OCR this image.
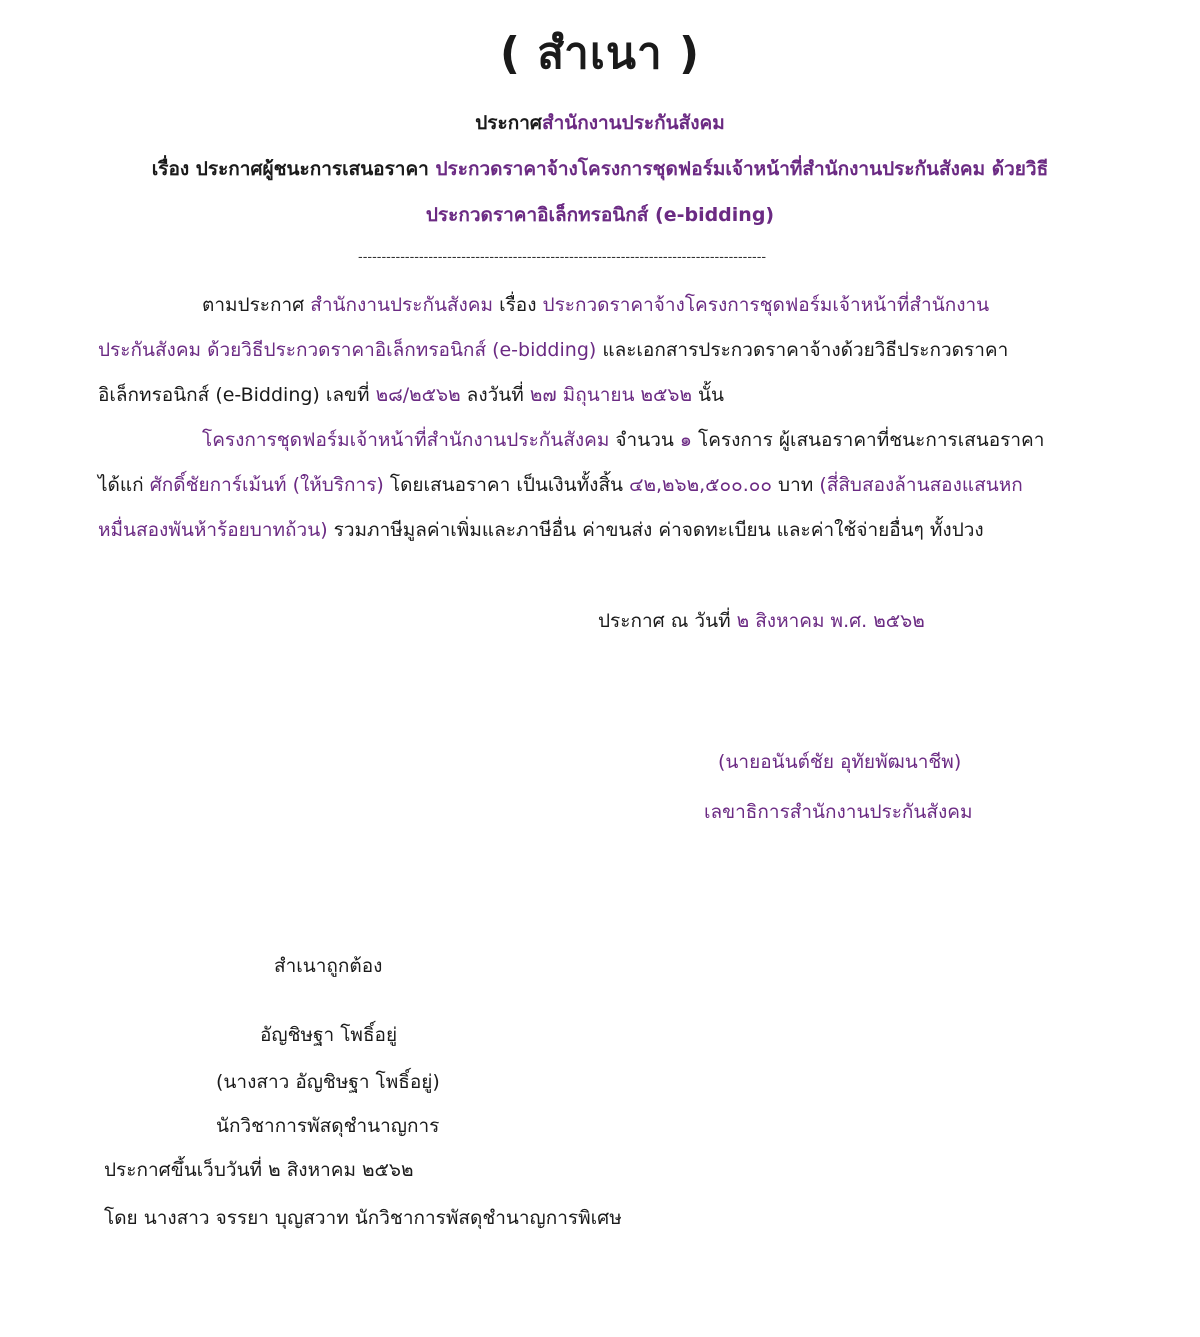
( สำเนา )
ประกาศสำนักงานประกันสังคม
เรื่อง ประกาศผู้ชนะการเสนอราคา ประกวดราคาจ้างโครงการชุดฟอร์มเจ้าหน้าที่สำนักงานประกันสังคม ด้วยวิธี
ประกวดราคาอิเล็กทรอนิกส์ (e-bidding)
---------------------------------------------------------------------------------------
ตามประกาศ สำนักงานประกันสังคม เรื่อง ประกวดราคาจ้างโครงการชุดฟอร์มเจ้าหน้าที่สำนักงาน
ประกันสังคม ด้วยวิธีประกวดราคาอิเล็กทรอนิกส์ (e-bidding) และเอกสารประกวดราคาจ้างด้วยวิธีประกวดราคา
อิเล็กทรอนิกส์ (e-Bidding) เลขที่ ๒๘/๒๕๖๒ ลงวันที่ ๒๗ มิถุนายน ๒๕๖๒ นั้น
โครงการชุดฟอร์มเจ้าหน้าที่สำนักงานประกันสังคม จำนวน ๑ โครงการ ผู้เสนอราคาที่ชนะการเสนอราคา
ได้แก่ ศักดิ์ชัยการ์เม้นท์ (ให้บริการ) โดยเสนอราคา เป็นเงินทั้งสิ้น ๔๒,๒๖๒,๕๐๐.๐๐ บาท (สี่สิบสองล้านสองแสนหก
หมื่นสองพันห้าร้อยบาทถ้วน) รวมภาษีมูลค่าเพิ่มและภาษีอื่น ค่าขนส่ง ค่าจดทะเบียน และค่าใช้จ่ายอื่นๆ ทั้งปวง
ประกาศ ณ วันที่ ๒ สิงหาคม พ.ศ. ๒๕๖๒
(นายอนันต์ชัย อุทัยพัฒนาชีพ)
เลขาธิการสำนักงานประกันสังคม
สำเนาถูกต้อง
อัญชิษฐา โพธิ์อยู่
(นางสาว อัญชิษฐา โพธิ์อยู่)
นักวิชาการพัสดุชำนาญการ
ประกาศขึ้นเว็บวันที่ ๒ สิงหาคม ๒๕๖๒
โดย นางสาว จรรยา บุญสวาท นักวิชาการพัสดุชำนาญการพิเศษ
